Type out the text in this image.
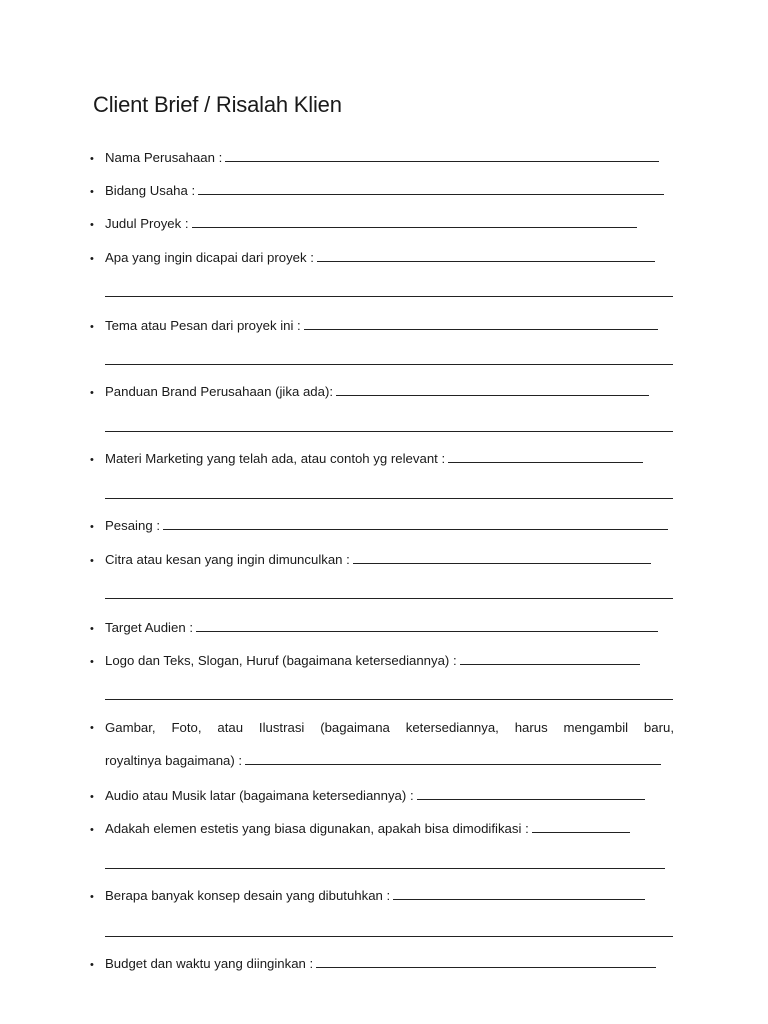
Client Brief / Risalah Klien
• Nama Perusahaan :
• Bidang Usaha :
• Judul Proyek :
• Apa yang ingin dicapai dari proyek :
• Tema atau Pesan dari proyek ini :
• Panduan Brand Perusahaan (jika ada):
• Materi Marketing yang telah ada, atau contoh yg relevant :
• Pesaing :
• Citra atau kesan yang ingin dimunculkan :
• Target Audien :
• Logo dan Teks, Slogan, Huruf (bagaimana ketersediannya) :
• Gambar, Foto, atau Ilustrasi (bagaimana ketersediannya, harus mengambil baru,
royaltinya bagaimana) :
• Audio atau Musik latar (bagaimana ketersediannya) :
• Adakah elemen estetis yang biasa digunakan, apakah bisa dimodifikasi :
• Berapa banyak konsep desain yang dibutuhkan :
• Budget dan waktu yang diinginkan :
